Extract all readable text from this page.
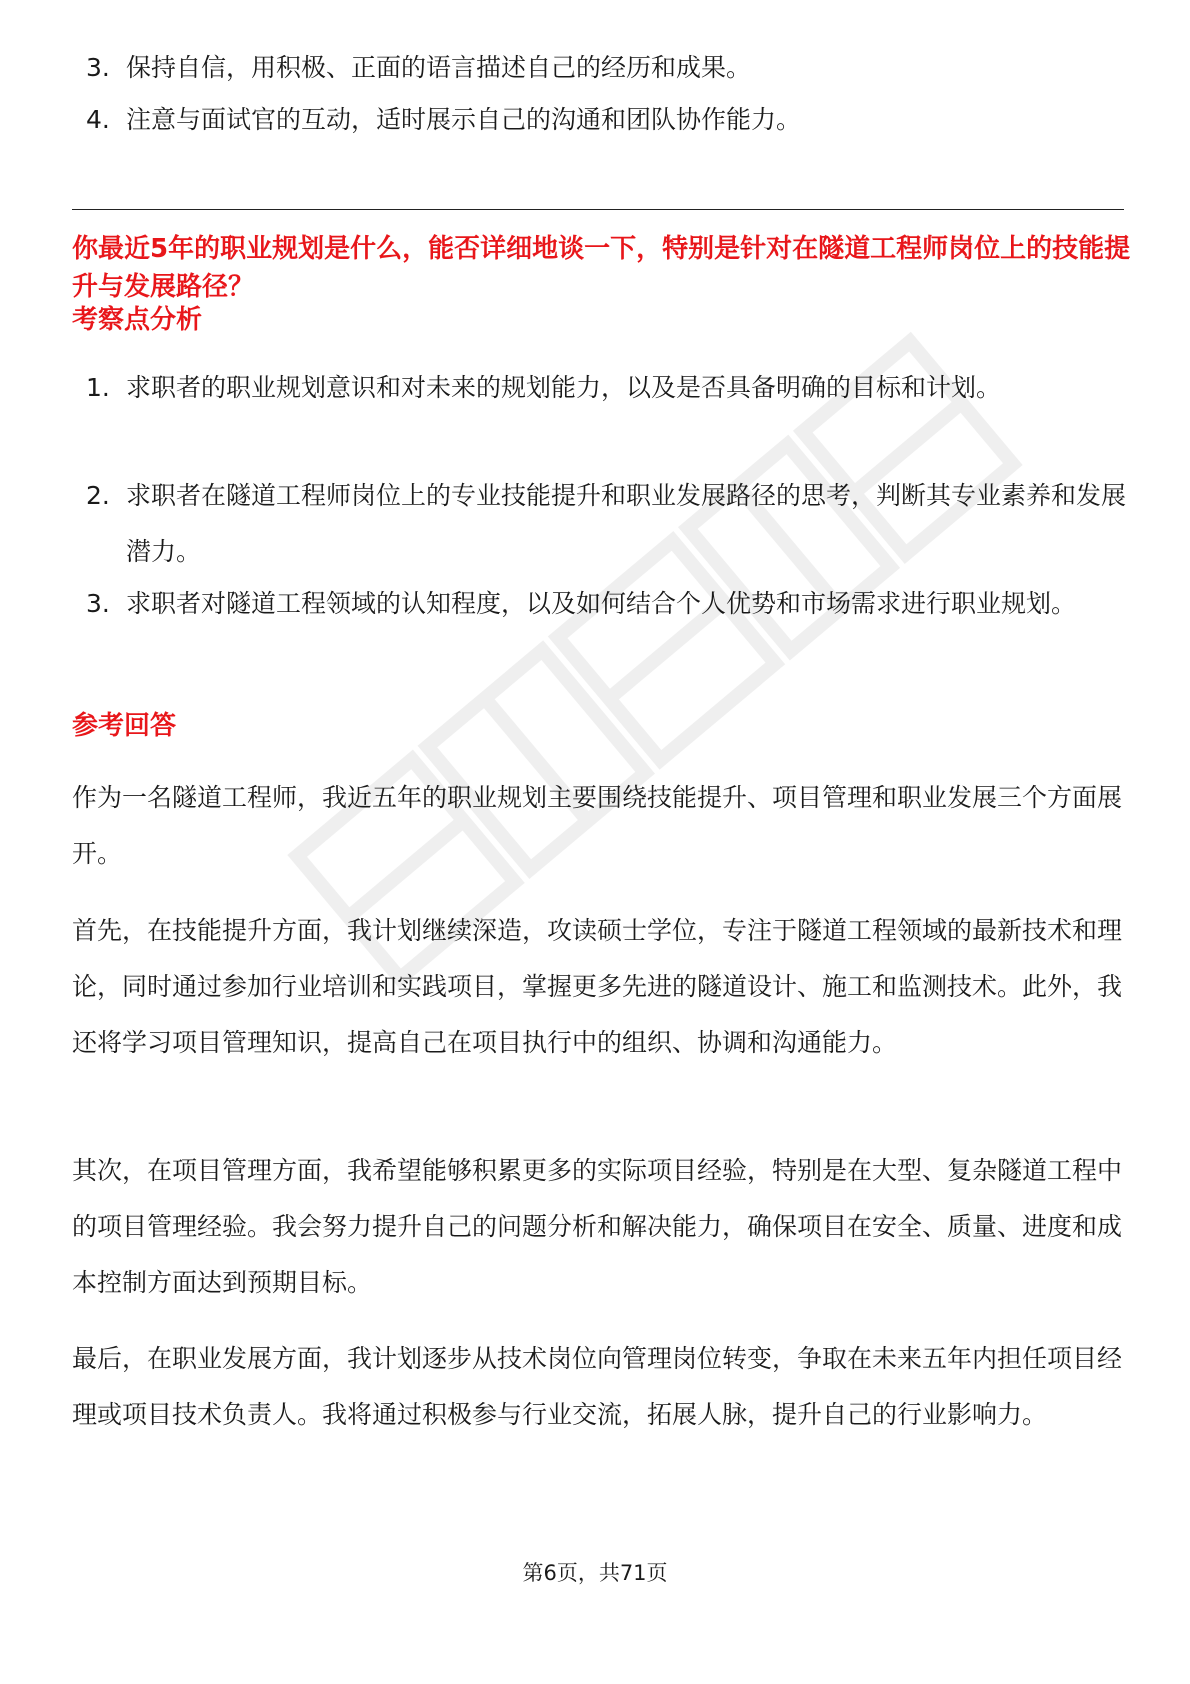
3. 保持自信，用积极、正面的语言描述自己的经历和成果。
4. 注意与面试官的互动，适时展示自己的沟通和团队协作能力。
你最近5年的职业规划是什么，能否详细地谈一下，特别是针对在隧道工程师岗位上的技能提升与发展路径？
考察点分析
1. 求职者的职业规划意识和对未来的规划能力，以及是否具备明确的目标和计划。
2. 求职者在隧道工程师岗位上的专业技能提升和职业发展路径的思考，判断其专业素养和发展潜力。
3. 求职者对隧道工程领域的认知程度，以及如何结合个人优势和市场需求进行职业规划。
参考回答
作为一名隧道工程师，我近五年的职业规划主要围绕技能提升、项目管理和职业发展三个方面展开。
首先，在技能提升方面，我计划继续深造，攻读硕士学位，专注于隧道工程领域的最新技术和理论，同时通过参加行业培训和实践项目，掌握更多先进的隧道设计、施工和监测技术。此外，我还将学习项目管理知识，提高自己在项目执行中的组织、协调和沟通能力。
其次，在项目管理方面，我希望能够积累更多的实际项目经验，特别是在大型、复杂隧道工程中的项目管理经验。我会努力提升自己的问题分析和解决能力，确保项目在安全、质量、进度和成本控制方面达到预期目标。
最后，在职业发展方面，我计划逐步从技术岗位向管理岗位转变，争取在未来五年内担任项目经理或项目技术负责人。我将通过积极参与行业交流，拓展人脉，提升自己的行业影响力。
第6页，共71页
